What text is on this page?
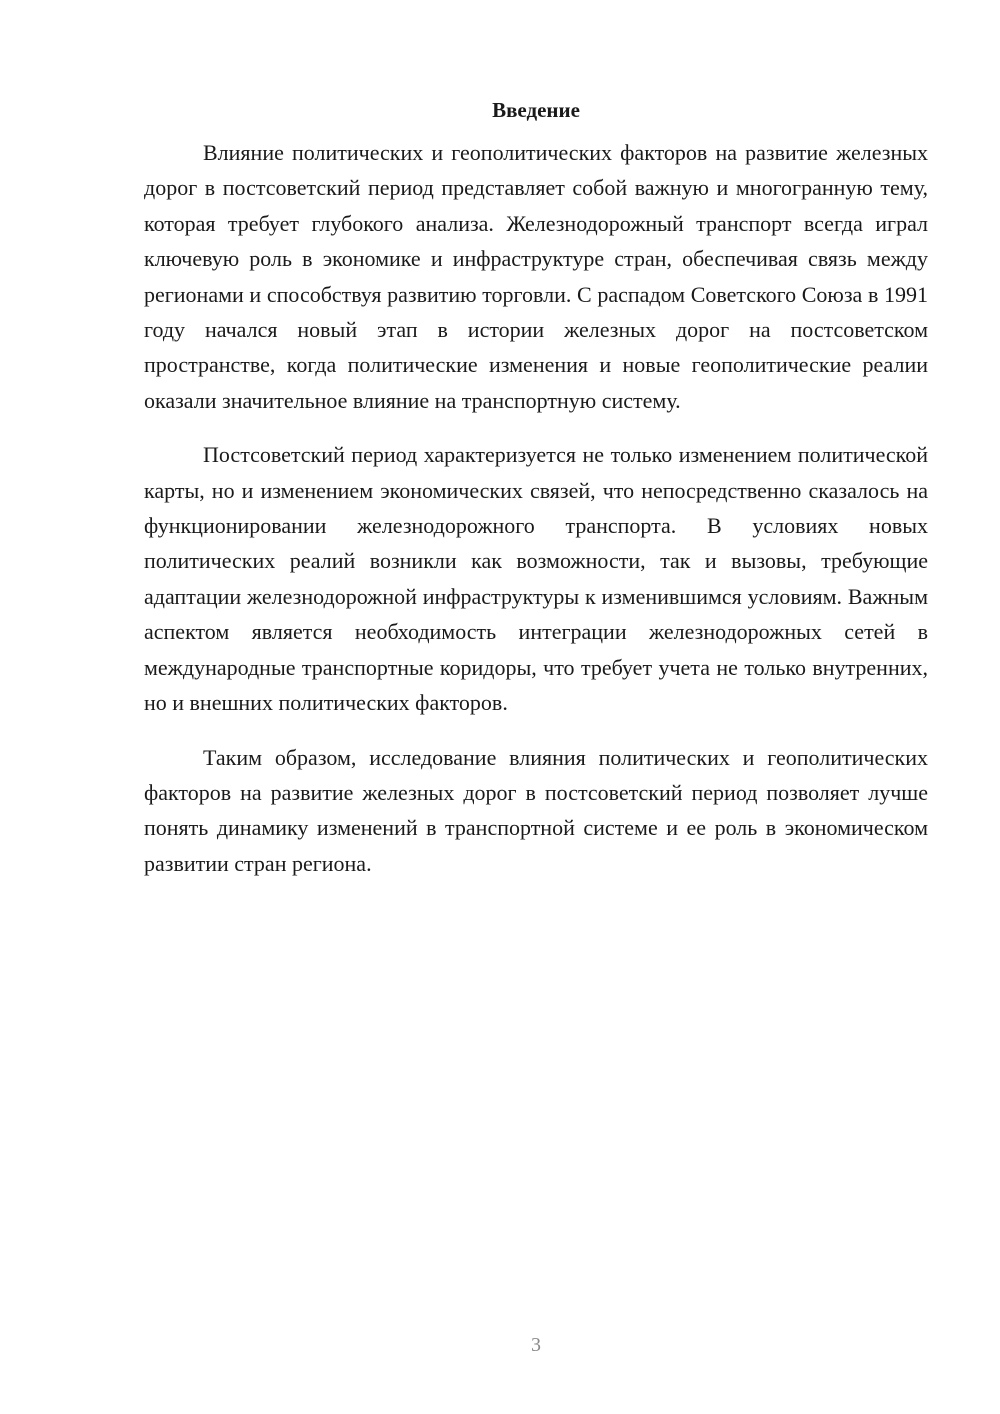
Введение

Влияние политических и геополитических факторов на развитие железных дорог в постсоветский период представляет собой важную и многогранную тему, которая требует глубокого анализа. Железнодорожный транспорт всегда играл ключевую роль в экономике и инфраструктуре стран, обеспечивая связь между регионами и способствуя развитию торговли. С распадом Советского Союза в 1991 году начался новый этап в истории железных дорог на постсоветском пространстве, когда политические изменения и новые геополитические реалии оказали значительное влияние на транспортную систему.

Постсоветский период характеризуется не только изменением политической карты, но и изменением экономических связей, что непосредственно сказалось на функционировании железнодорожного транспорта. В условиях новых политических реалий возникли как возможности, так и вызовы, требующие адаптации железнодорожной инфраструктуры к изменившимся условиям. Важным аспектом является необходимость интеграции железнодорожных сетей в международные транспортные коридоры, что требует учета не только внутренних, но и внешних политических факторов.

Таким образом, исследование влияния политических и геополитических факторов на развитие железных дорог в постсоветский период позволяет лучше понять динамику изменений в транспортной системе и ее роль в экономическом развитии стран региона.

3
